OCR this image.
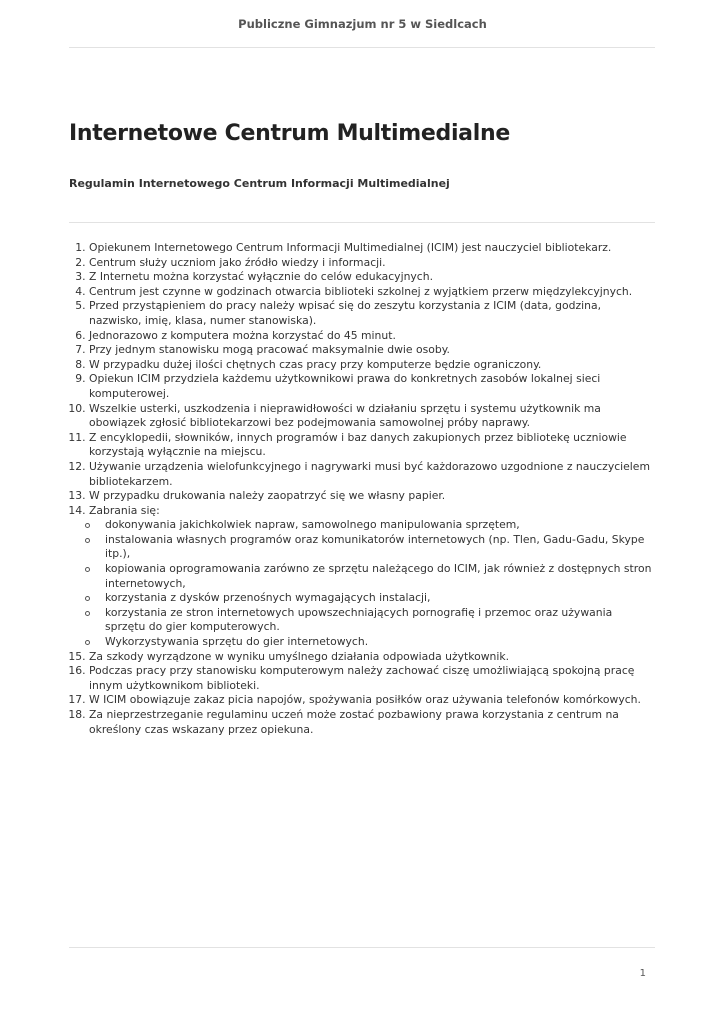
Publiczne Gimnazjum nr 5 w Siedlcach
Internetowe Centrum Multimedialne
Regulamin Internetowego Centrum Informacji Multimedialnej
1. Opiekunem Internetowego Centrum Informacji Multimedialnej (ICIM) jest nauczyciel bibliotekarz.
2. Centrum służy uczniom jako źródło wiedzy i informacji.
3. Z Internetu można korzystać wyłącznie do celów edukacyjnych.
4. Centrum jest czynne w godzinach otwarcia biblioteki szkolnej z wyjątkiem przerw międzylekcyjnych.
5. Przed przystąpieniem do pracy należy wpisać się do zeszytu korzystania z ICIM (data, godzina, nazwisko, imię, klasa, numer stanowiska).
6. Jednorazowo z komputera można korzystać do 45 minut.
7. Przy jednym stanowisku mogą pracować maksymalnie dwie osoby.
8. W przypadku dużej ilości chętnych czas pracy przy komputerze będzie ograniczony.
9. Opiekun ICIM przydziela każdemu użytkownikowi prawa do konkretnych zasobów lokalnej sieci komputerowej.
10. Wszelkie usterki, uszkodzenia i nieprawidłowości w działaniu sprzętu i systemu użytkownik ma obowiązek zgłosić bibliotekarzowi bez podejmowania samowolnej próby naprawy.
11. Z encyklopedii, słowników, innych programów i baz danych zakupionych przez bibliotekę uczniowie korzystają wyłącznie na miejscu.
12. Używanie urządzenia wielofunkcyjnego i nagrywarki musi być każdorazowo uzgodnione z nauczycielem bibliotekarzem.
13. W przypadku drukowania należy zaopatrzyć się we własny papier.
14. Zabrania się:
dokonywania jakichkolwiek napraw, samowolnego manipulowania sprzętem,
instalowania własnych programów oraz komunikatorów internetowych (np. Tlen, Gadu-Gadu, Skype itp.),
kopiowania oprogramowania zarówno ze sprzętu należącego do ICIM, jak również z dostępnych stron internetowych,
korzystania z dysków przenośnych wymagających instalacji,
korzystania ze stron internetowych upowszechniających pornografię i przemoc oraz używania sprzętu do gier komputerowych.
Wykorzystywania sprzętu do gier internetowych.
15. Za szkody wyrządzone w wyniku umyślnego działania odpowiada użytkownik.
16. Podczas pracy przy stanowisku komputerowym należy zachować ciszę umożliwiającą spokojną pracę innym użytkownikom biblioteki.
17. W ICIM obowiązuje zakaz picia napojów, spożywania posiłków oraz używania telefonów komórkowych.
18. Za nieprzestrzeganie regulaminu uczeń może zostać pozbawiony prawa korzystania z centrum na określony czas wskazany przez opiekuna.
1
